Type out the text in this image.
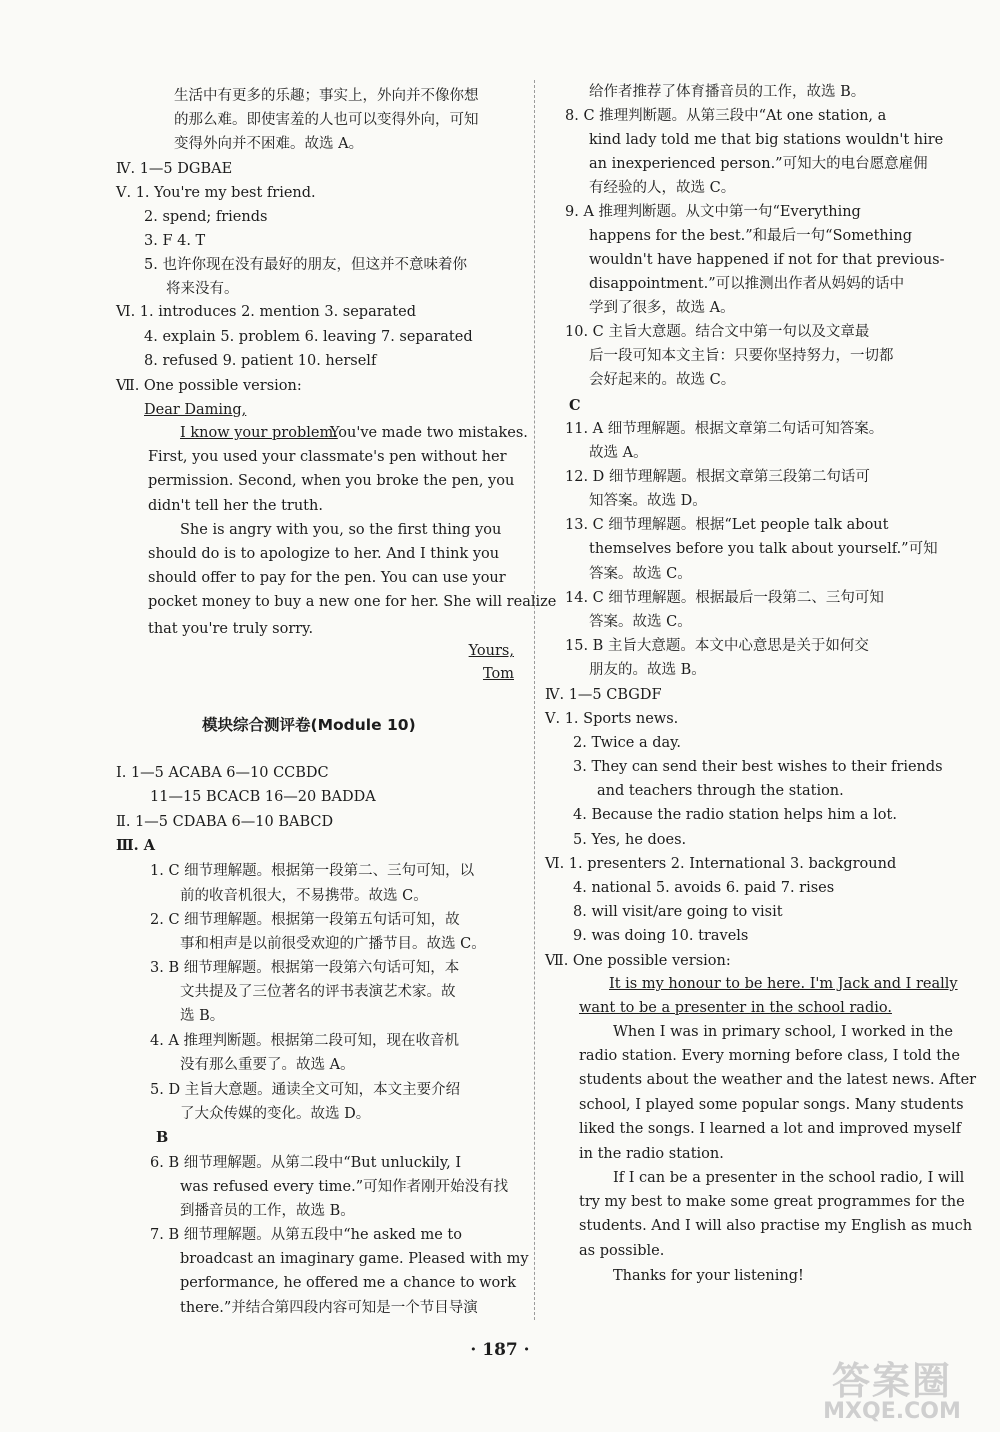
生活中有更多的乐趣；事实上，外向并不像你想
的那么难。即使害羞的人也可以变得外向，可知
变得外向并不困难。故选 A。
Ⅳ. 1—5 DGBAE
Ⅴ. 1. You're my best friend.
2. spend; friends
3. F 4. T
5. 也许你现在没有最好的朋友，但这并不意味着你
将来没有。
Ⅵ. 1. introduces 2. mention 3. separated
4. explain 5. problem 6. leaving 7. separated
8. refused 9. patient 10. herself
Ⅶ. One possible version:
Dear Daming,
I know your problem.
You've made two mistakes.
First, you used your classmate's pen without her
permission. Second, when you broke the pen, you
didn't tell her the truth.
She is angry with you, so the first thing you
should do is to apologize to her. And I think you
should offer to pay for the pen. You can use your
pocket money to buy a new one for her. She will realize
that you're truly sorry.
Yours,
Tom
模块综合测评卷(Module 10)
Ⅰ. 1—5 ACABA 6—10 CCBDC
11—15 BCACB 16—20 BADDA
Ⅱ. 1—5 CDABA 6—10 BABCD
Ⅲ. A
1. C 细节理解题。根据第一段第二、三句可知，以
前的收音机很大，不易携带。故选 C。
2. C 细节理解题。根据第一段第五句话可知，故
事和相声是以前很受欢迎的广播节目。故选 C。
3. B 细节理解题。根据第一段第六句话可知，本
文共提及了三位著名的评书表演艺术家。故
选 B。
4. A 推理判断题。根据第二段可知，现在收音机
没有那么重要了。故选 A。
5. D 主旨大意题。通读全文可知，本文主要介绍
了大众传媒的变化。故选 D。
B
6. B 细节理解题。从第二段中“But unluckily, I
was refused every time.”可知作者刚开始没有找
到播音员的工作，故选 B。
7. B 细节理解题。从第五段中“he asked me to
broadcast an imaginary game. Pleased with my
performance, he offered me a chance to work
there.”并结合第四段内容可知是一个节目导演
给作者推荐了体育播音员的工作，故选 B。
8. C 推理判断题。从第三段中“At one station, a
kind lady told me that big stations wouldn't hire
an inexperienced person.”可知大的电台愿意雇佣
有经验的人，故选 C。
9. A 推理判断题。从文中第一句“Everything
happens for the best.”和最后一句“Something
wouldn't have happened if not for that previous-
disappointment.”可以推测出作者从妈妈的话中
学到了很多，故选 A。
10. C 主旨大意题。结合文中第一句以及文章最
后一段可知本文主旨：只要你坚持努力，一切都
会好起来的。故选 C。
C
11. A 细节理解题。根据文章第二句话可知答案。
故选 A。
12. D 细节理解题。根据文章第三段第二句话可
知答案。故选 D。
13. C 细节理解题。根据“Let people talk about
themselves before you talk about yourself.”可知
答案。故选 C。
14. C 细节理解题。根据最后一段第二、三句可知
答案。故选 C。
15. B 主旨大意题。本文中心意思是关于如何交
朋友的。故选 B。
Ⅳ. 1—5 CBGDF
Ⅴ. 1. Sports news.
2. Twice a day.
3. They can send their best wishes to their friends
and teachers through the station.
4. Because the radio station helps him a lot.
5. Yes, he does.
Ⅵ. 1. presenters 2. International 3. background
4. national 5. avoids 6. paid 7. rises
8. will visit/are going to visit
9. was doing 10. travels
Ⅶ. One possible version:
It is my honour to be here. I'm Jack and I really
want to be a presenter in the school radio.
When I was in primary school, I worked in the
radio station. Every morning before class, I told the
students about the weather and the latest news. After
school, I played some popular songs. Many students
liked the songs. I learned a lot and improved myself
in the radio station.
If I can be a presenter in the school radio, I will
try my best to make some great programmes for the
students. And I will also practise my English as much
as possible.
Thanks for your listening!
· 187 ·
答案圈
MXQE.COM
